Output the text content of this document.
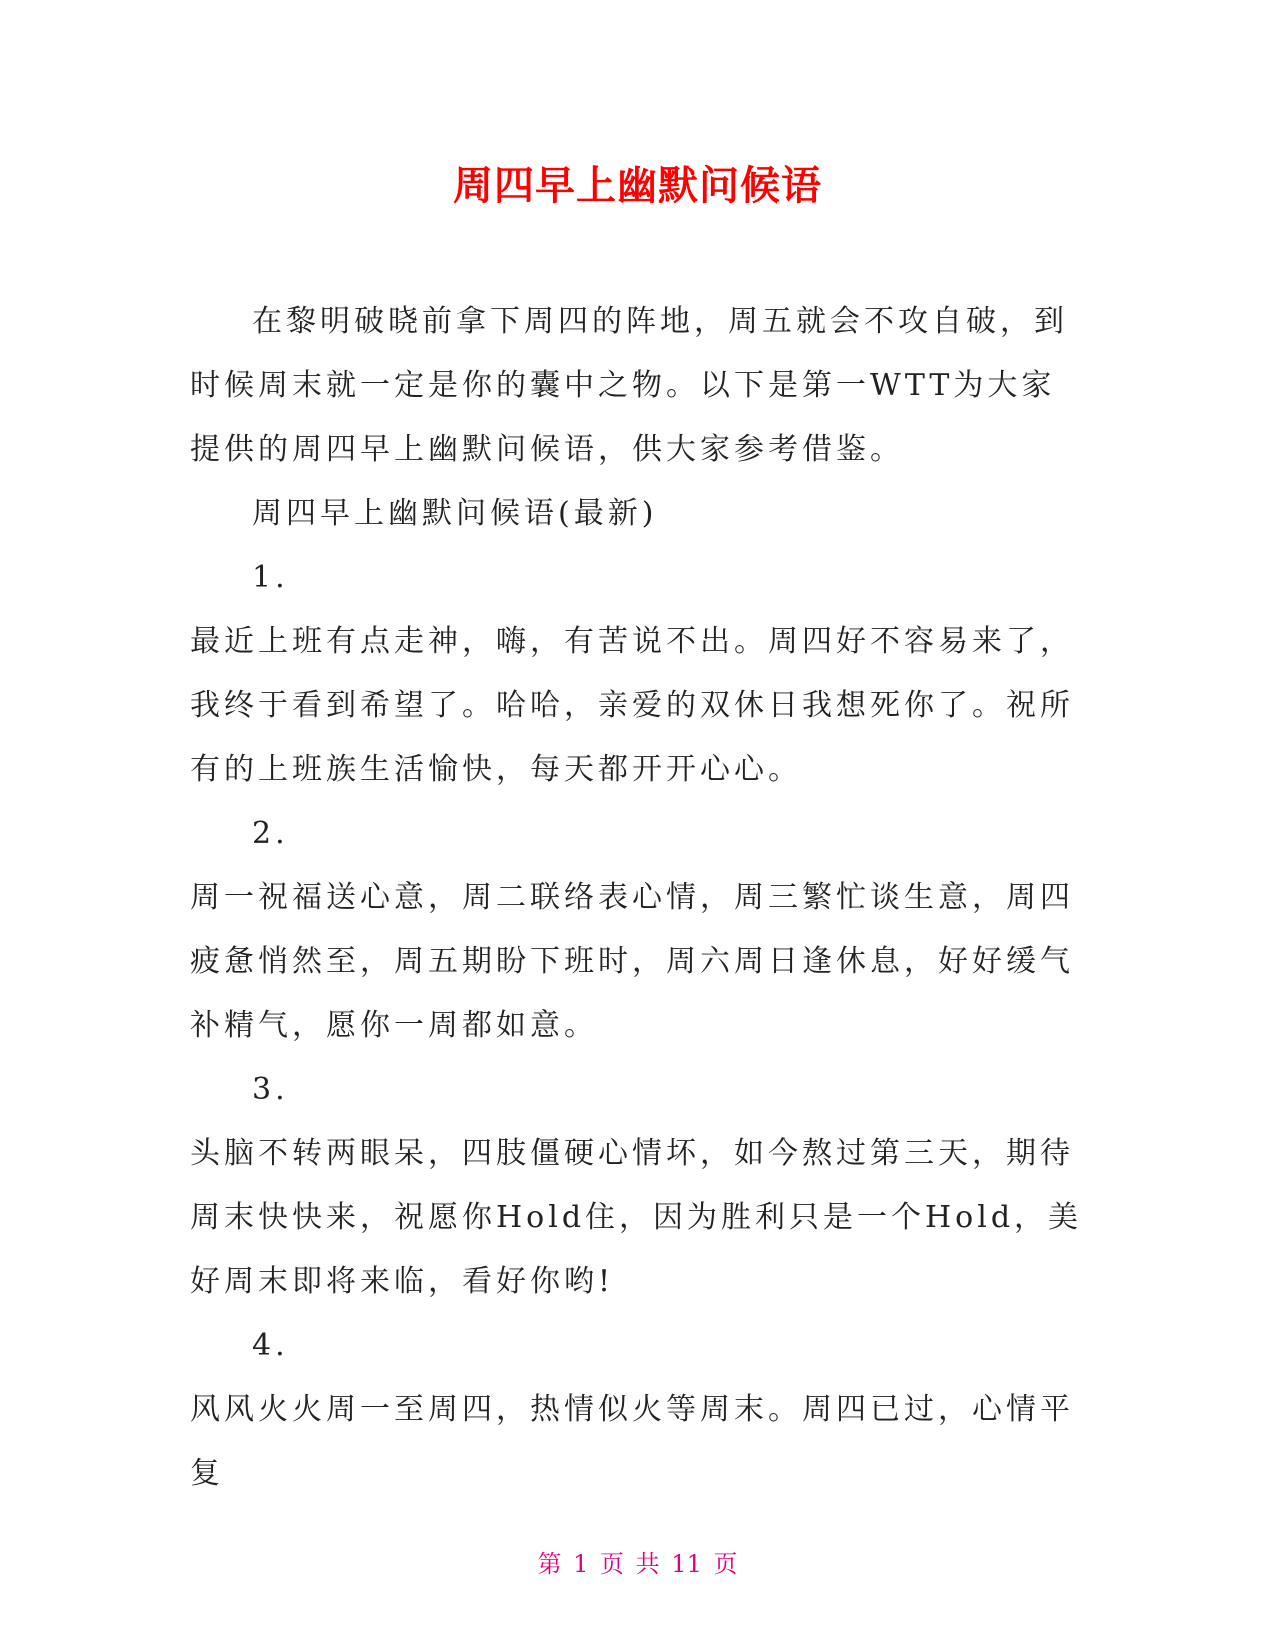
周四早上幽默问候语

在黎明破晓前拿下周四的阵地，周五就会不攻自破，到时候周末就一定是你的囊中之物。以下是第一WTT为大家提供的周四早上幽默问候语，供大家参考借鉴。

周四早上幽默问候语(最新)

1.

最近上班有点走神，嗨，有苦说不出。周四好不容易来了，我终于看到希望了。哈哈，亲爱的双休日我想死你了。祝所有的上班族生活愉快，每天都开开心心。

2.

周一祝福送心意，周二联络表心情，周三繁忙谈生意，周四疲惫悄然至，周五期盼下班时，周六周日逢休息，好好缓气补精气，愿你一周都如意。

3.

头脑不转两眼呆，四肢僵硬心情坏，如今熬过第三天，期待周末快快来，祝愿你Hold住，因为胜利只是一个Hold，美好周末即将来临，看好你哟!

4.

风风火火周一至周四，热情似火等周末。周四已过，心情平复

第 1 页 共 11 页
